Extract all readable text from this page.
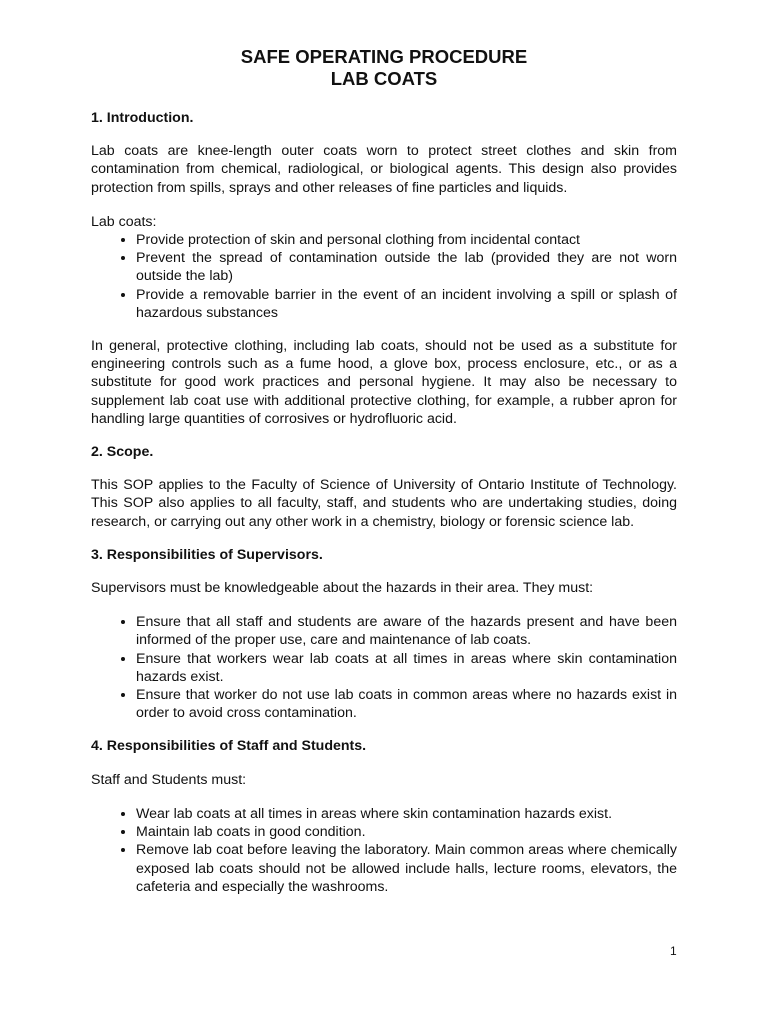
SAFE OPERATING PROCEDURE
LAB COATS

1. Introduction.

Lab coats are knee-length outer coats worn to protect street clothes and skin from contamination from chemical, radiological, or biological agents. This design also provides protection from spills, sprays and other releases of fine particles and liquids.

Lab coats:

• Provide protection of skin and personal clothing from incidental contact
• Prevent the spread of contamination outside the lab (provided they are not worn outside the lab)
• Provide a removable barrier in the event of an incident involving a spill or splash of hazardous substances

In general, protective clothing, including lab coats, should not be used as a substitute for engineering controls such as a fume hood, a glove box, process enclosure, etc., or as a substitute for good work practices and personal hygiene. It may also be necessary to supplement lab coat use with additional protective clothing, for example, a rubber apron for handling large quantities of corrosives or hydrofluoric acid.

2. Scope.

This SOP applies to the Faculty of Science of University of Ontario Institute of Technology. This SOP also applies to all faculty, staff, and students who are undertaking studies, doing research, or carrying out any other work in a chemistry, biology or forensic science lab.

3. Responsibilities of Supervisors.

Supervisors must be knowledgeable about the hazards in their area. They must:

• Ensure that all staff and students are aware of the hazards present and have been informed of the proper use, care and maintenance of lab coats.
• Ensure that workers wear lab coats at all times in areas where skin contamination hazards exist.
• Ensure that worker do not use lab coats in common areas where no hazards exist in order to avoid cross contamination.

4. Responsibilities of Staff and Students.

Staff and Students must:

• Wear lab coats at all times in areas where skin contamination hazards exist.
• Maintain lab coats in good condition.
• Remove lab coat before leaving the laboratory. Main common areas where chemically exposed lab coats should not be allowed include halls, lecture rooms, elevators, the cafeteria and especially the washrooms.
1
